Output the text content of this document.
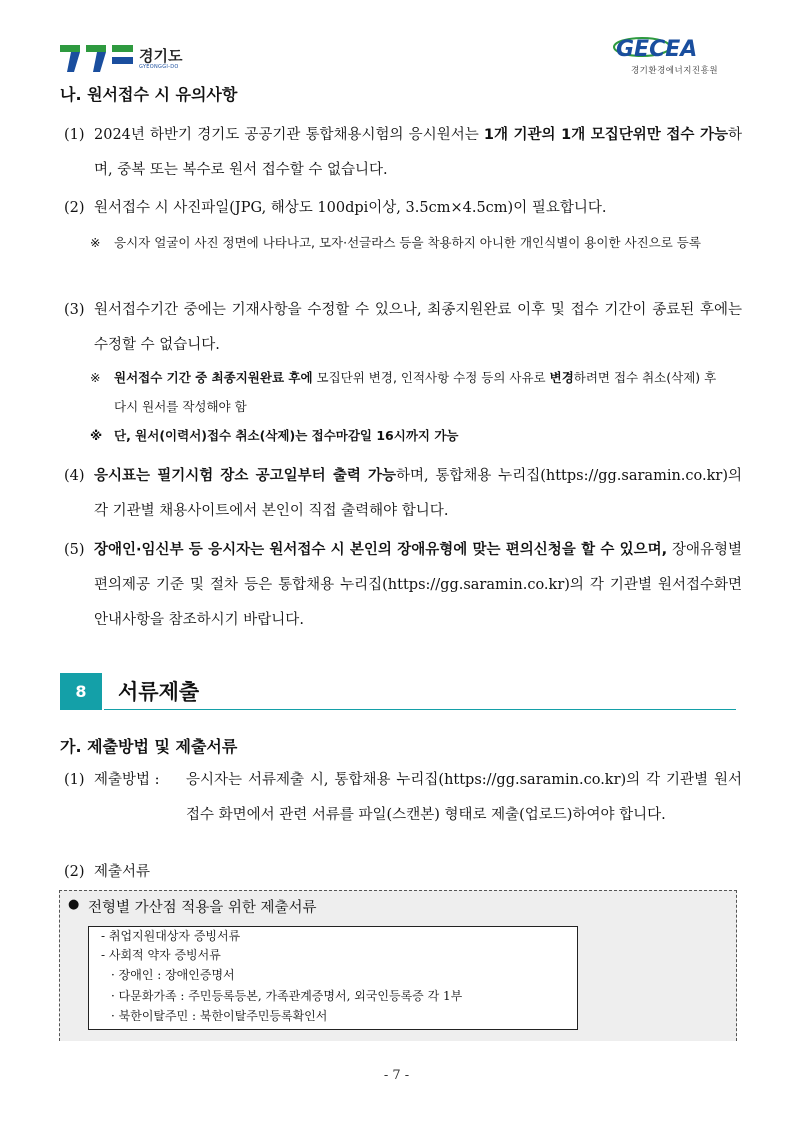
경기도
GYEONGGI-DO
GECEA
경기환경에너지진흥원
나. 원서접수 시 유의사항
(1) 2024년 하반기 경기도 공공기관 통합채용시험의 응시원서는 1개 기관의 1개 모집단위만 접수 가능하며, 중복 또는 복수로 원서 접수할 수 없습니다.
(2) 원서접수 시 사진파일(JPG, 해상도 100dpi이상, 3.5cm×4.5cm)이 필요합니다.
※ 응시자 얼굴이 사진 정면에 나타나고, 모자·선글라스 등을 착용하지 아니한 개인식별이 용이한 사진으로 등록
(3) 원서접수기간 중에는 기재사항을 수정할 수 있으나, 최종지원완료 이후 및 접수 기간이 종료된 후에는 수정할 수 없습니다.
※ 원서접수 기간 중 최종지원완료 후에 모집단위 변경, 인적사항 수정 등의 사유로 변경하려면 접수 취소(삭제) 후 다시 원서를 작성해야 함
※ 단, 원서(이력서)접수 취소(삭제)는 접수마감일 16시까지 가능
(4) 응시표는 필기시험 장소 공고일부터 출력 가능하며, 통합채용 누리집(https://gg.saramin.co.kr)의 각 기관별 채용사이트에서 본인이 직접 출력해야 합니다.
(5) 장애인·임신부 등 응시자는 원서접수 시 본인의 장애유형에 맞는 편의신청을 할 수 있으며, 장애유형별 편의제공 기준 및 절차 등은 통합채용 누리집(https://gg.saramin.co.kr)의 각 기관별 원서접수화면 안내사항을 참조하시기 바랍니다.
8	서류제출
가. 제출방법 및 제출서류
(1) 제출방법 : 응시자는 서류제출 시, 통합채용 누리집(https://gg.saramin.co.kr)의 각 기관별 원서접수 화면에서 관련 서류를 파일(스캔본) 형태로 제출(업로드)하여야 합니다.
(2) 제출서류
● 전형별 가산점 적용을 위한 제출서류
- 취업지원대상자 증빙서류
- 사회적 약자 증빙서류
· 장애인 : 장애인증명서
· 다문화가족 : 주민등록등본, 가족관계증명서, 외국인등록증 각 1부
· 북한이탈주민 : 북한이탈주민등록확인서
- 7 -
